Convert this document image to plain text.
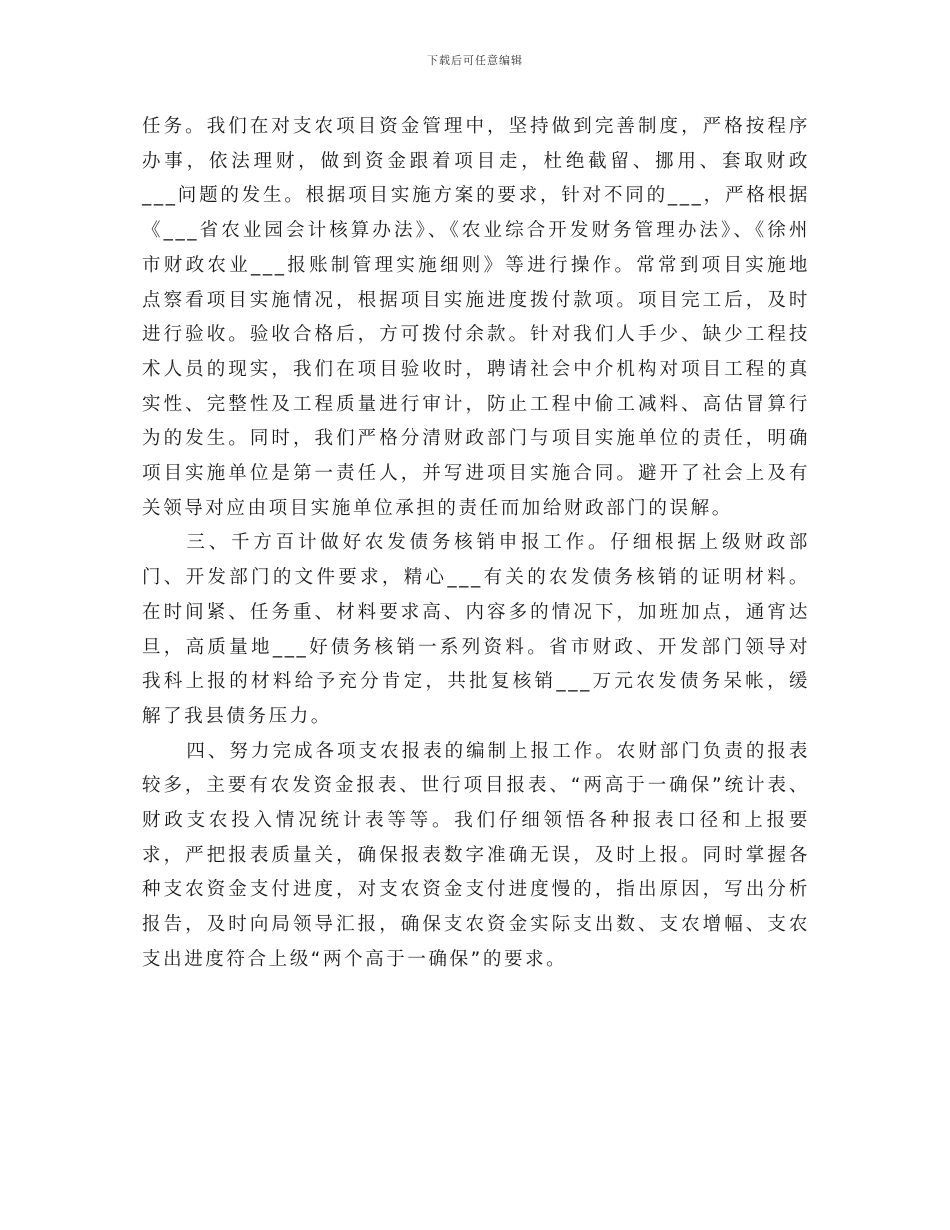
下载后可任意编辑

任务。我们在对支农项目资金管理中，坚持做到完善制度，严格按程序办事，依法理财，做到资金跟着项目走，杜绝截留、挪用、套取财政___问题的发生。根据项目实施方案的要求，针对不同的___，严格根据《___省农业园会计核算办法》、《农业综合开发财务管理办法》、《徐州市财政农业___报账制管理实施细则》等进行操作。常常到项目实施地点察看项目实施情况，根据项目实施进度拨付款项。项目完工后，及时进行验收。验收合格后，方可拨付余款。针对我们人手少、缺少工程技术人员的现实，我们在项目验收时，聘请社会中介机构对项目工程的真实性、完整性及工程质量进行审计，防止工程中偷工减料、高估冒算行为的发生。同时，我们严格分清财政部门与项目实施单位的责任，明确项目实施单位是第一责任人，并写进项目实施合同。避开了社会上及有关领导对应由项目实施单位承担的责任而加给财政部门的误解。

三、千方百计做好农发债务核销申报工作。仔细根据上级财政部门、开发部门的文件要求，精心___有关的农发债务核销的证明材料。在时间紧、任务重、材料要求高、内容多的情况下，加班加点，通宵达旦，高质量地___好债务核销一系列资料。省市财政、开发部门领导对我科上报的材料给予充分肯定，共批复核销___万元农发债务呆帐，缓解了我县债务压力。

四、努力完成各项支农报表的编制上报工作。农财部门负责的报表较多，主要有农发资金报表、世行项目报表、“两高于一确保”统计表、财政支农投入情况统计表等等。我们仔细领悟各种报表口径和上报要求，严把报表质量关，确保报表数字准确无误，及时上报。同时掌握各种支农资金支付进度，对支农资金支付进度慢的，指出原因，写出分析报告，及时向局领导汇报，确保支农资金实际支出数、支农增幅、支农支出进度符合上级“两个高于一确保”的要求。
